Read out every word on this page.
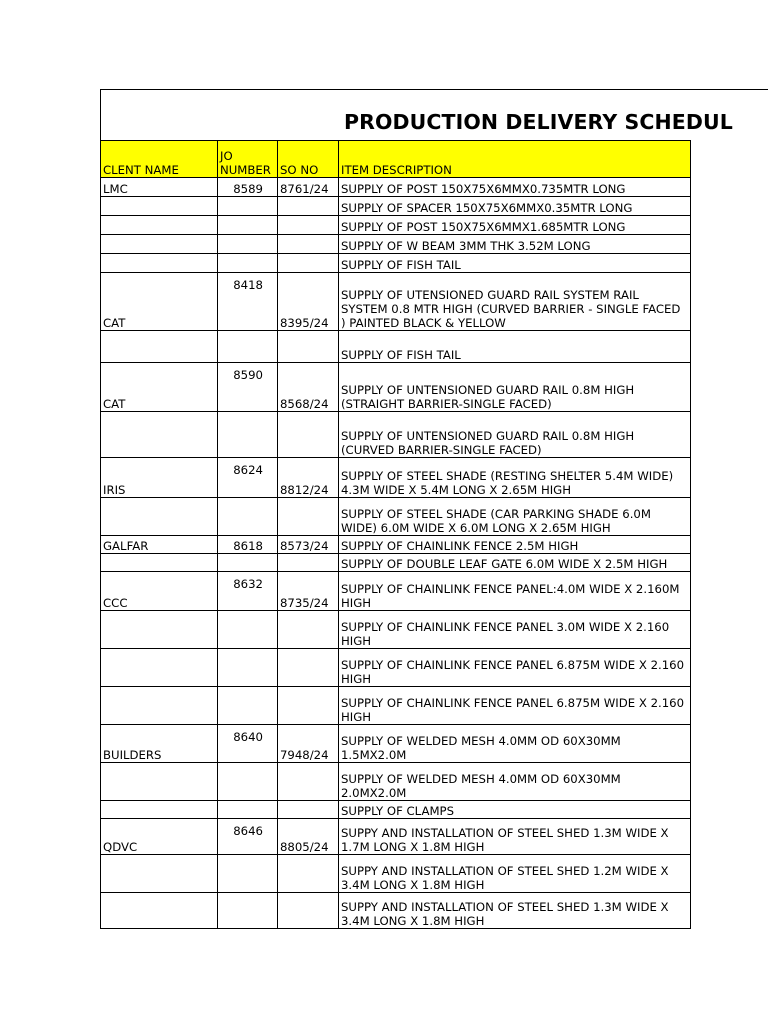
PRODUCTION DELIVERY SCHEDUL
CLENT NAME	JO NUMBER	SO NO	ITEM DESCRIPTION
LMC	8589	8761/24	SUPPLY OF POST 150X75X6MMX0.735MTR LONG
			SUPPLY OF SPACER 150X75X6MMX0.35MTR LONG
			SUPPLY OF POST 150X75X6MMX1.685MTR LONG
			SUPPLY OF W BEAM 3MM THK 3.52M LONG
			SUPPLY OF FISH TAIL
CAT	8418	8395/24	SUPPLY OF UTENSIONED GUARD RAIL SYSTEM RAIL SYSTEM 0.8 MTR HIGH (CURVED BARRIER - SINGLE FACED ) PAINTED BLACK & YELLOW
			SUPPLY OF FISH TAIL
CAT	8590	8568/24	SUPPLY OF UNTENSIONED GUARD RAIL 0.8M HIGH (STRAIGHT BARRIER-SINGLE FACED)
			SUPPLY OF UNTENSIONED GUARD RAIL 0.8M HIGH (CURVED BARRIER-SINGLE FACED)
IRIS	8624	8812/24	SUPPLY OF STEEL SHADE (RESTING SHELTER 5.4M WIDE) 4.3M WIDE X 5.4M LONG X 2.65M HIGH
			SUPPLY OF STEEL SHADE (CAR PARKING SHADE 6.0M WIDE) 6.0M WIDE X 6.0M LONG X 2.65M HIGH
GALFAR	8618	8573/24	SUPPLY OF CHAINLINK FENCE 2.5M HIGH
			SUPPLY OF DOUBLE LEAF GATE 6.0M WIDE X 2.5M HIGH
CCC	8632	8735/24	SUPPLY OF CHAINLINK FENCE PANEL:4.0M WIDE X 2.160M HIGH
			SUPPLY OF CHAINLINK FENCE PANEL 3.0M WIDE X 2.160 HIGH
			SUPPLY OF CHAINLINK FENCE PANEL 6.875M WIDE X 2.160 HIGH
			SUPPLY OF CHAINLINK FENCE PANEL 6.875M WIDE X 2.160 HIGH
BUILDERS	8640	7948/24	SUPPLY OF WELDED MESH 4.0MM OD 60X30MM 1.5MX2.0M
			SUPPLY OF WELDED MESH 4.0MM OD 60X30MM 2.0MX2.0M
			SUPPLY OF CLAMPS
QDVC	8646	8805/24	SUPPY AND INSTALLATION OF STEEL SHED 1.3M WIDE X 1.7M LONG X 1.8M HIGH
			SUPPY AND INSTALLATION OF STEEL SHED 1.2M WIDE X 3.4M LONG X 1.8M HIGH
			SUPPY AND INSTALLATION OF STEEL SHED 1.3M WIDE X 3.4M LONG X 1.8M HIGH
